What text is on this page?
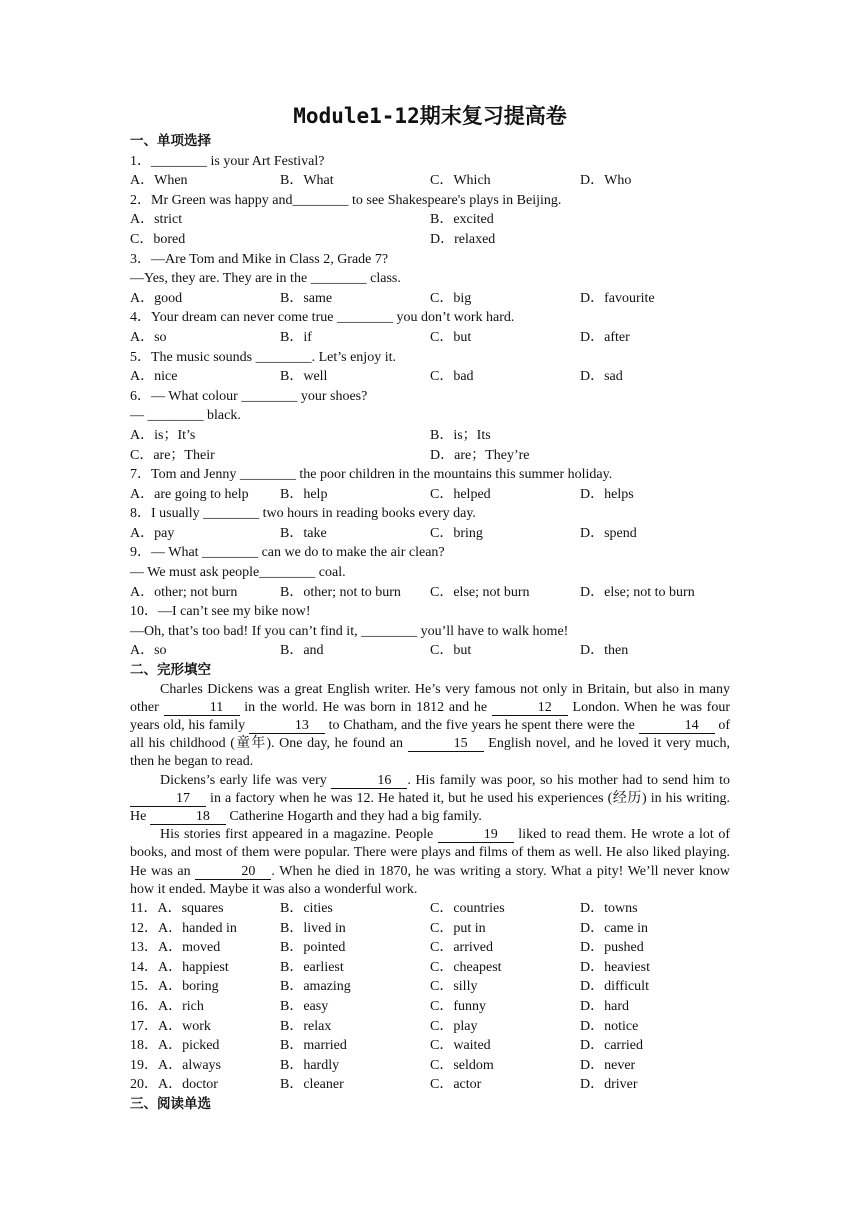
Module1-12期末复习提高卷
一、单项选择
1．________ is your Art Festival?
A．When	B．What	C．Which	D．Who
2．Mr Green was happy and________ to see Shakespeare's plays in Beijing.
A．strict	B．excited
C．bored	D．relaxed
3．—Are Tom and Mike in Class 2, Grade 7?
—Yes, they are. They are in the ________ class.
A．good	B．same	C．big	D．favourite
4．Your dream can never come true ________ you don’t work hard.
A．so	B．if	C．but	D．after
5．The music sounds ________. Let’s enjoy it.
A．nice	B．well	C．bad	D．sad
6．— What colour ________ your shoes?
— ________ black.
A．is；It’s	B．is；Its
C．are；Their	D．are；They’re
7．Tom and Jenny ________ the poor children in the mountains this summer holiday.
A．are going to help B．help	C．helped	D．helps
8．I usually ________ two hours in reading books every day.
A．pay	B．take	C．bring	D．spend
9．— What ________ can we do to make the air clean?
— We must ask people________ coal.
A．other; not burn	B．other; not to burn C．else; not burn	D．else; not to burn
10．—I can’t see my bike now!
—Oh, that’s too bad! If you can’t find it, ________ you’ll have to walk home!
A．so	B．and	C．but	D．then
二、完形填空

Charles Dickens was a great English writer. He’s very famous not only in Britain, but also in many other	11 in the world. He was born in 1812 and he	12 London. When he was four years old, his family	13 to Chatham, and the five years he spent there were the	14 of all his childhood (童年). One day, he found an	15 English novel, and he loved it very much, then he began to read.

Dickens’s early life was very	16 . His family was poor, so his mother had to send him to 17 in a factory when he was 12. He hated it, but he used his experiences (经历) in his writing. He	18 Catherine Hogarth and they had a big family.

His stories first appeared in a magazine. People	19 liked to read them. He wrote a lot of books, and most of them were popular. There were plays and films of them as well. He also liked playing. He was an	20 . When he died in 1870, he was writing a story. What a pity! We’ll never know how it ended. Maybe it was also a wonderful work.

11．A．squares	B．cities	C．countries	D．towns
12．A．handed in	B．lived in	C．put in	D．came in
13．A．moved	B．pointed	C．arrived	D．pushed
14．A．happiest	B．earliest	C．cheapest	D．heaviest
15．A．boring	B．amazing	C．silly	D．difficult
16．A．rich	B．easy	C．funny	D．hard
17．A．work	B．relax	C．play	D．notice
18．A．picked	B．married	C．waited	D．carried
19．A．always	B．hardly	C．seldom	D．never
20．A．doctor	B．cleaner	C．actor	D．driver
三、阅读单选
